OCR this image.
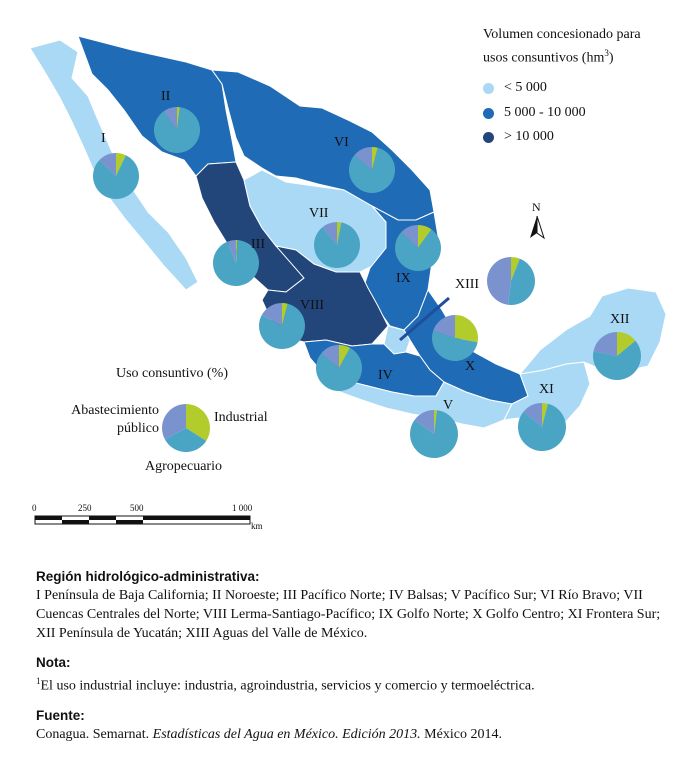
Volumen concesionado para
usos consuntivos $(hm^3)$
< 5 000
5 000 - 10 000
> 10 000
N
I
II
III
IV
V
VI
VII
VIII
IX
X
XI
XII
XIII
Uso consuntivo (%)
Abastecimiento
público
Industrial
Agropecuario
0	250	500	1 000
km
Región hidrológico-administrativa:
I Península de Baja California; II Noroeste; III Pacífico Norte; IV Balsas; V Pacífico Sur; VI Río Bravo; VII Cuencas Centrales del Norte; VIII Lerma-Santiago-Pacífico; IX Golfo Norte; X Golfo Centro; XI Frontera Sur; XII Península de Yucatán; XIII Aguas del Valle de México.
Nota:
$^1$El uso industrial incluye: industria, agroindustria, servicios y comercio y termoeléctrica.
Fuente:
Conagua. Semarnat. Estadísticas del Agua en México. Edición 2013. México 2014.
